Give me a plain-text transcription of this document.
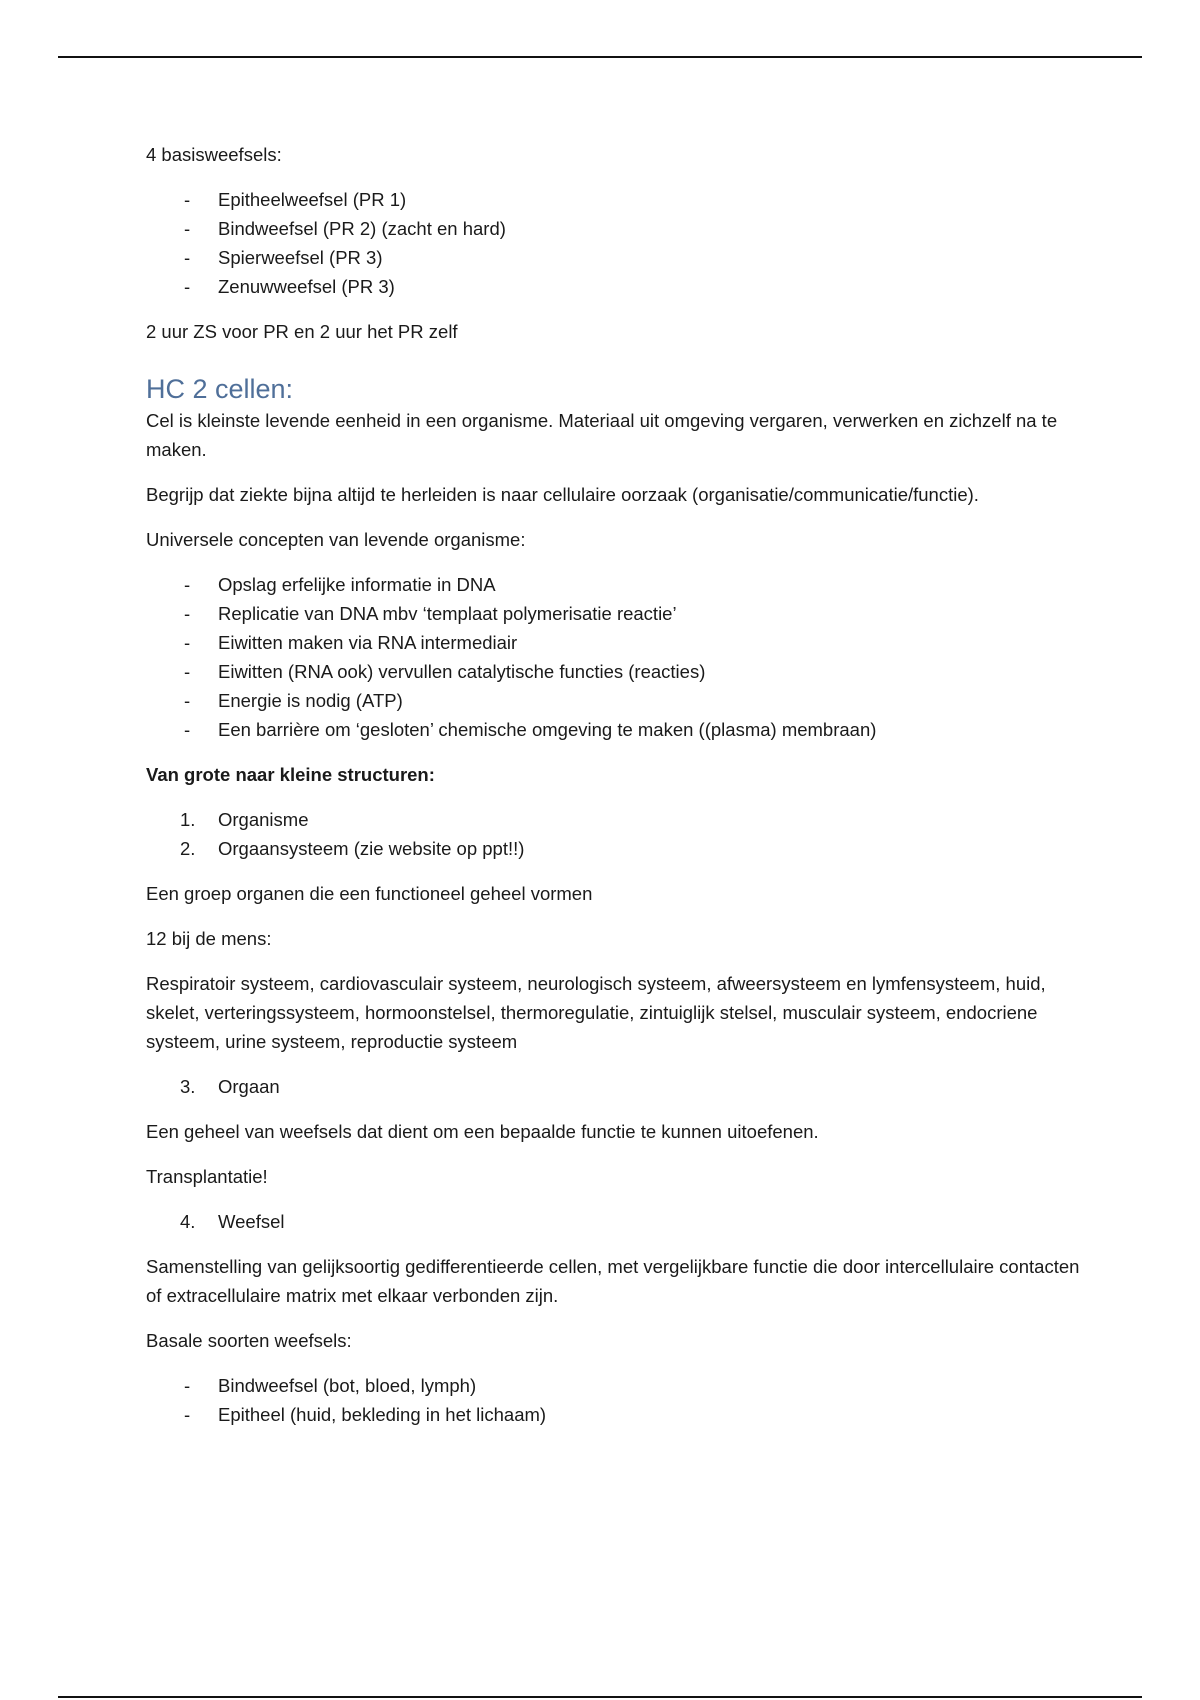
4 basisweefsels:

- Epitheelweefsel (PR 1)
- Bindweefsel (PR 2) (zacht en hard)
- Spierweefsel (PR 3)
- Zenuwweefsel (PR 3)

2 uur ZS voor PR en 2 uur het PR zelf

HC 2 cellen:

Cel is kleinste levende eenheid in een organisme. Materiaal uit omgeving vergaren, verwerken en zichzelf na te maken.

Begrijp dat ziekte bijna altijd te herleiden is naar cellulaire oorzaak (organisatie/communicatie/functie).

Universele concepten van levende organisme:

- Opslag erfelijke informatie in DNA
- Replicatie van DNA mbv ‘templaat polymerisatie reactie’
- Eiwitten maken via RNA intermediair
- Eiwitten (RNA ook) vervullen catalytische functies (reacties)
- Energie is nodig (ATP)
- Een barrière om ‘gesloten’ chemische omgeving te maken ((plasma) membraan)

Van grote naar kleine structuren:

1. Organisme
2. Orgaansysteem (zie website op ppt!!)

Een groep organen die een functioneel geheel vormen

12 bij de mens:

Respiratoir systeem, cardiovasculair systeem, neurologisch systeem, afweersysteem en lymfensysteem, huid, skelet, verteringssysteem, hormoonstelsel, thermoregulatie, zintuiglijk stelsel, musculair systeem, endocriene systeem, urine systeem, reproductie systeem

3. Orgaan

Een geheel van weefsels dat dient om een bepaalde functie te kunnen uitoefenen.

Transplantatie!

4. Weefsel

Samenstelling van gelijksoortig gedifferentieerde cellen, met vergelijkbare functie die door intercellulaire contacten of extracellulaire matrix met elkaar verbonden zijn.

Basale soorten weefsels:

- Bindweefsel (bot, bloed, lymph)
- Epitheel (huid, bekleding in het lichaam)
